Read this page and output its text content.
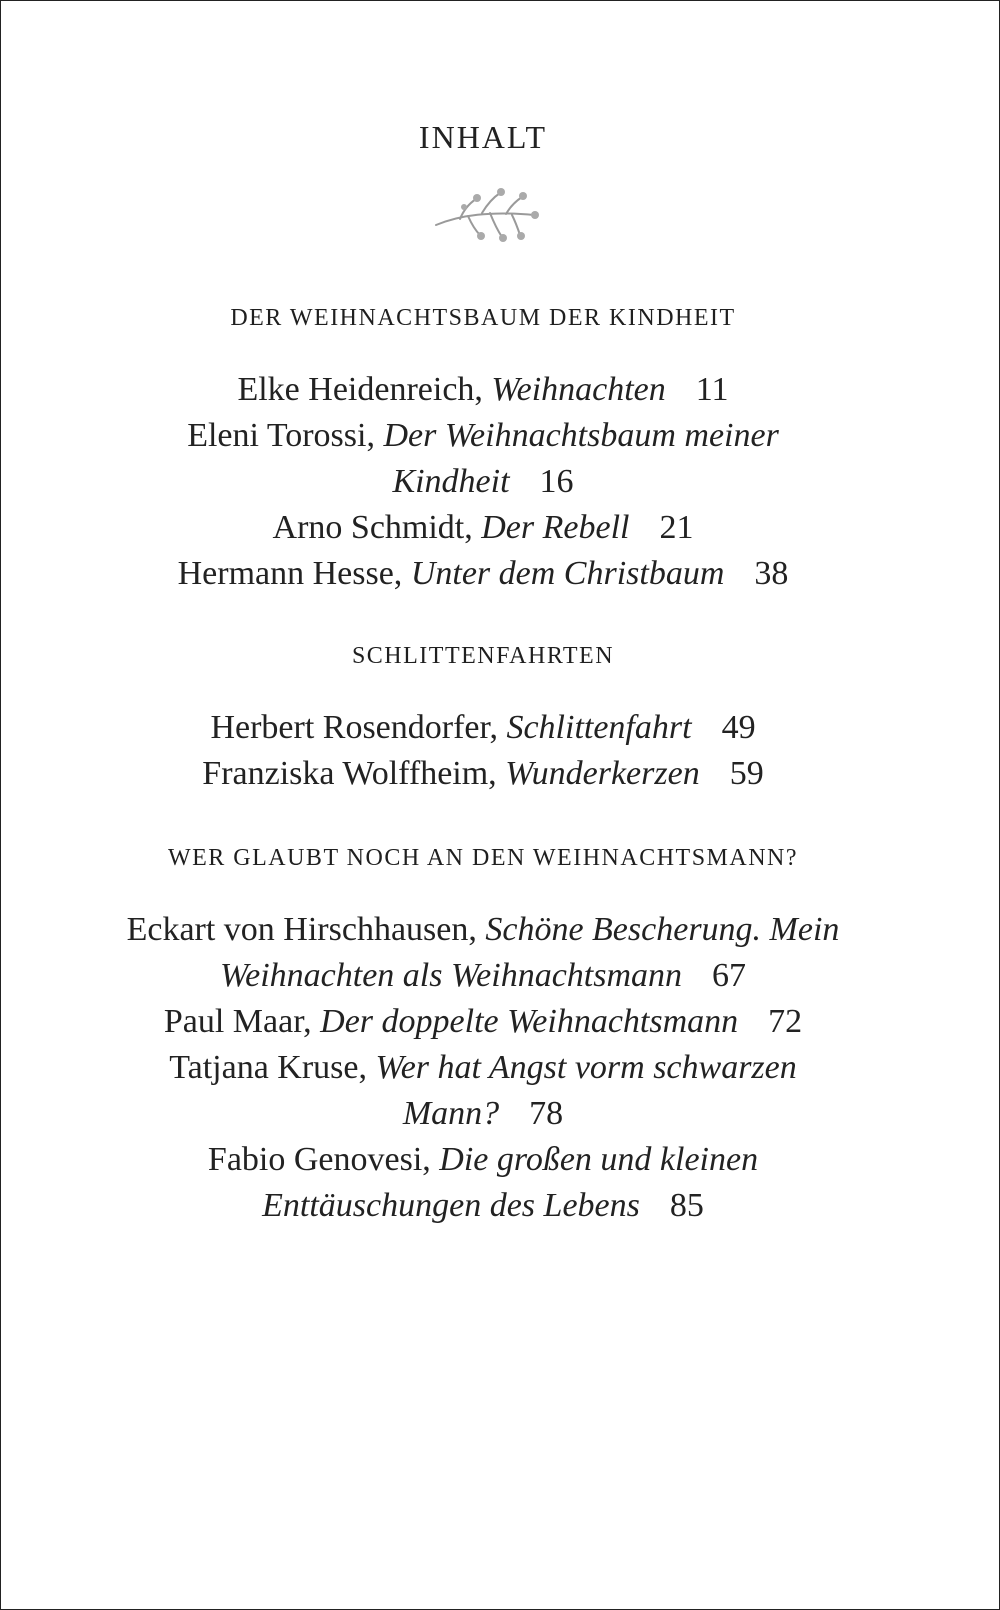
INHALT
DER WEIHNACHTSBAUM DER KINDHEIT
Elke Heidenreich, Weihnachten 11
Eleni Torossi, Der Weihnachtsbaum meiner
Kindheit 16
Arno Schmidt, Der Rebell 21
Hermann Hesse, Unter dem Christbaum 38
SCHLITTENFAHRTEN
Herbert Rosendorfer, Schlittenfahrt 49
Franziska Wolffheim, Wunderkerzen 59
WER GLAUBT NOCH AN DEN WEIHNACHTSMANN?
Eckart von Hirschhausen, Schöne Bescherung. Mein
Weihnachten als Weihnachtsmann 67
Paul Maar, Der doppelte Weihnachtsmann 72
Tatjana Kruse, Wer hat Angst vorm schwarzen
Mann? 78
Fabio Genovesi, Die großen und kleinen
Enttäuschungen des Lebens 85
